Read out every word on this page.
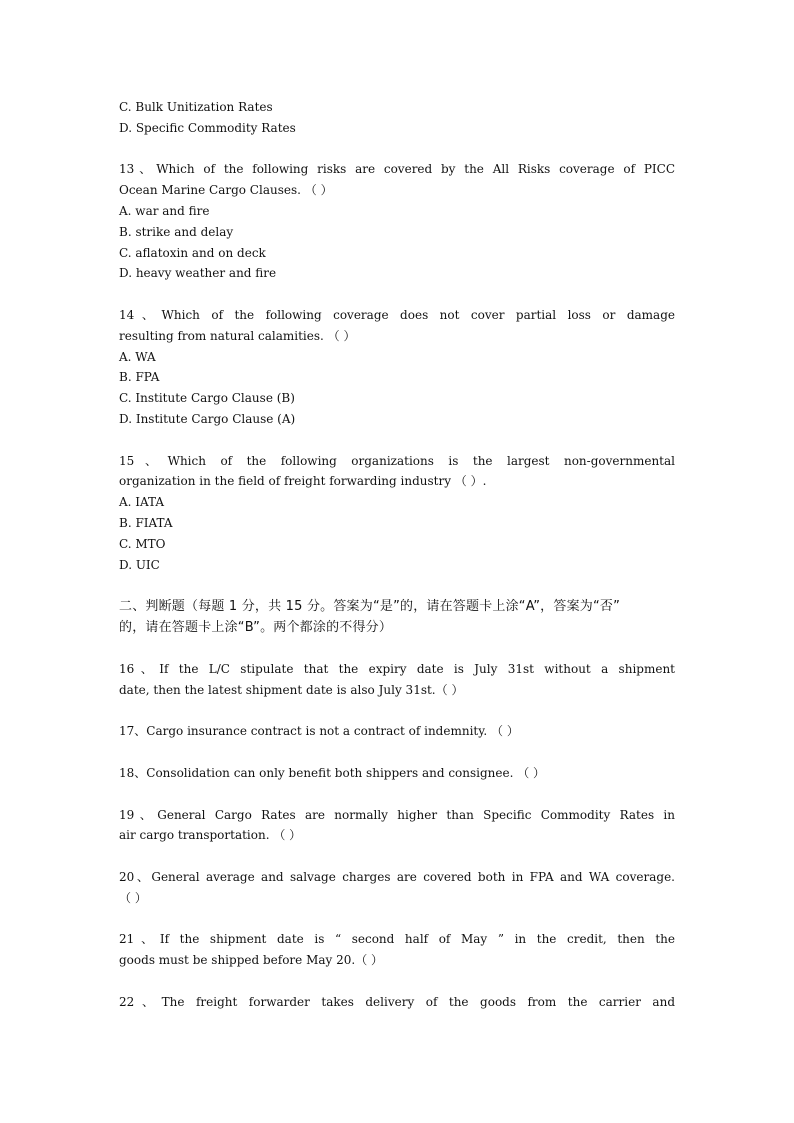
C. Bulk Unitization Rates
D. Specific Commodity Rates
13、Which of the following risks are covered by the All Risks coverage of PICC
Ocean Marine Cargo Clauses. （ ）
A. war and fire
B. strike and delay
C. aflatoxin and on deck
D. heavy weather and fire
14、Which of the following coverage does not cover partial loss or damage
resulting from natural calamities. （ ）
A. WA
B. FPA
C. Institute Cargo Clause (B)
D. Institute Cargo Clause (A)
15、Which of the following organizations is the largest non-governmental
organization in the field of freight forwarding industry （ ）.
A. IATA
B. FIATA
C. MTO
D. UIC
二、判断题（每题 1 分，共 15 分。答案为“是”的，请在答题卡上涂“A”，答案为“否”
的，请在答题卡上涂“B”。两个都涂的不得分）
16、If the L/C stipulate that the expiry date is July 31st without a shipment
date, then the latest shipment date is also July 31st.（ ）
17、Cargo insurance contract is not a contract of indemnity. （ ）
18、Consolidation can only benefit both shippers and consignee. （ ）
19、General Cargo Rates are normally higher than Specific Commodity Rates in
air cargo transportation. （ ）
20、General average and salvage charges are covered both in FPA and WA coverage.
（ ）
21、If the shipment date is “ second half of May ” in the credit, then the
goods must be shipped before May 20.（ ）
22、The freight forwarder takes delivery of the goods from the carrier and
